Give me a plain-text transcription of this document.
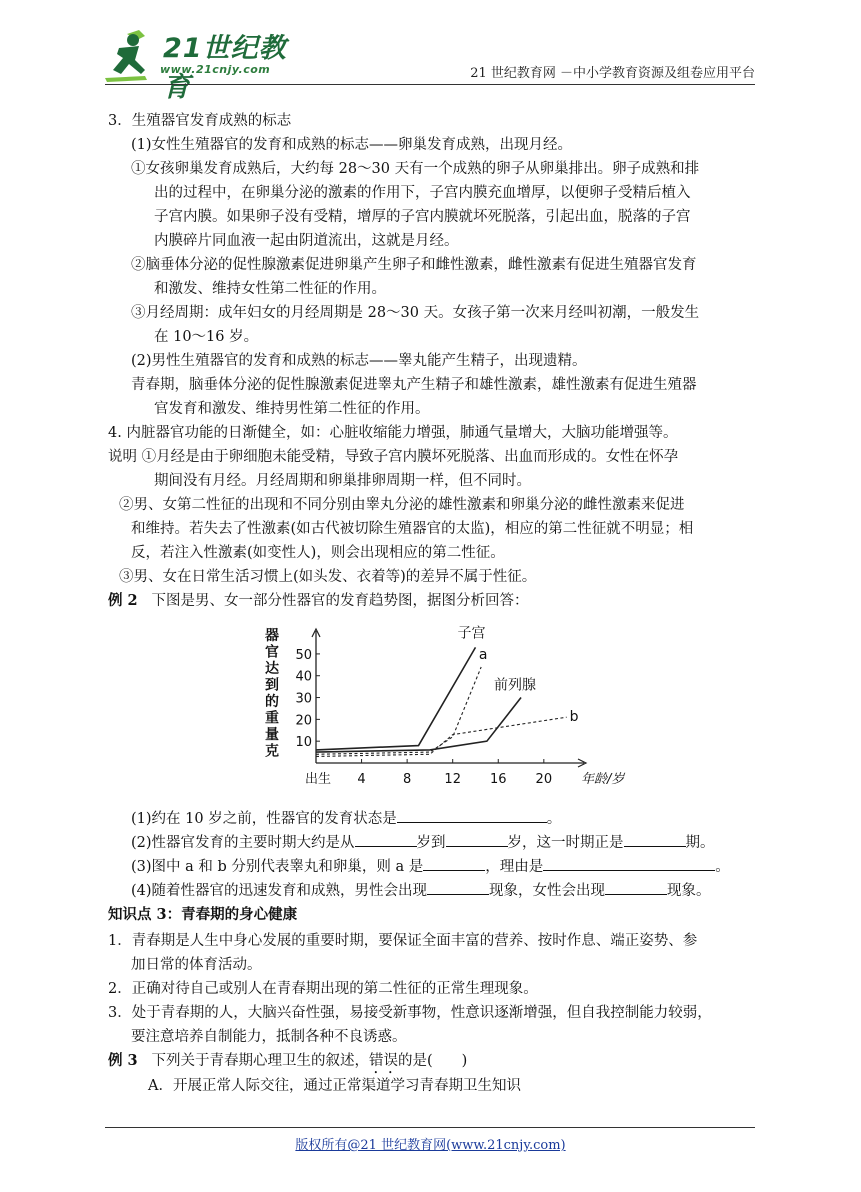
21世纪教育
www.21cnjy.com	21 世纪教育网 －中小学教育资源及组卷应用平台
3．生殖器官发育成熟的标志
(1)女性生殖器官的发育和成熟的标志——卵巢发育成熟，出现月经。
①女孩卵巢发育成熟后，大约每 28～30 天有一个成熟的卵子从卵巢排出。卵子成熟和排
出的过程中，在卵巢分泌的激素的作用下，子宫内膜充血增厚，以便卵子受精后植入
子宫内膜。如果卵子没有受精，增厚的子宫内膜就坏死脱落，引起出血，脱落的子宫
内膜碎片同血液一起由阴道流出，这就是月经。
②脑垂体分泌的促性腺激素促进卵巢产生卵子和雌性激素，雌性激素有促进生殖器官发育
和激发、维持女性第二性征的作用。
③月经周期：成年妇女的月经周期是 28～30 天。女孩子第一次来月经叫初潮，一般发生
在 10～16 岁。
(2)男性生殖器官的发育和成熟的标志——睾丸能产生精子，出现遗精。
青春期，脑垂体分泌的促性腺激素促进睾丸产生精子和雄性激素，雄性激素有促进生殖器
官发育和激发、维持男性第二性征的作用。
4. 内脏器官功能的日渐健全，如：心脏收缩能力增强，肺通气量增大，大脑功能增强等。
说明 ①月经是由于卵细胞未能受精，导致子宫内膜坏死脱落、出血而形成的。女性在怀孕
期间没有月经。月经周期和卵巢排卵周期一样，但不同时。
②男、女第二性征的出现和不同分别由睾丸分泌的雄性激素和卵巢分泌的雌性激素来促进
和维持。若失去了性激素(如古代被切除生殖器官的太监)，相应的第二性征就不明显；相
反，若注入性激素(如变性人)，则会出现相应的第二性征。
③男、女在日常生活习惯上(如头发、衣着等)的差异不属于性征。
例 2 下图是男、女一部分性器官的发育趋势图，据图分析回答：
10
20
30
40
50
出生 4	8	12 16 20 年龄/岁
器
官
达
到
的
重
量
克
子宫
a
前列腺
b
(1)约在 10 岁之前，性器官的发育状态是	。
(2)性器官发育的主要时期大约是从	岁到	岁，这一时期正是	期。
(3)图中 a 和 b 分别代表睾丸和卵巢，则 a 是	，理由是	。
(4)随着性器官的迅速发育和成熟，男性会出现	现象，女性会出现	现象。
知识点 3：青春期的身心健康
1．青春期是人生中身心发展的重要时期，要保证全面丰富的营养、按时作息、端正姿势、参
加日常的体育活动。
2．正确对待自己或别人在青春期出现的第二性征的正常生理现象。
3．处于青春期的人，大脑兴奋性强，易接受新事物，性意识逐渐增强，但自我控制能力较弱，
要注意培养自制能力，抵制各种不良诱惑。
例 3 下列关于青春期心理卫生的叙述，错误的是(　　)
A．开展正常人际交往，通过正常渠道学习青春期卫生知识
版权所有@21 世纪教育网(www.21cnjy.com)
